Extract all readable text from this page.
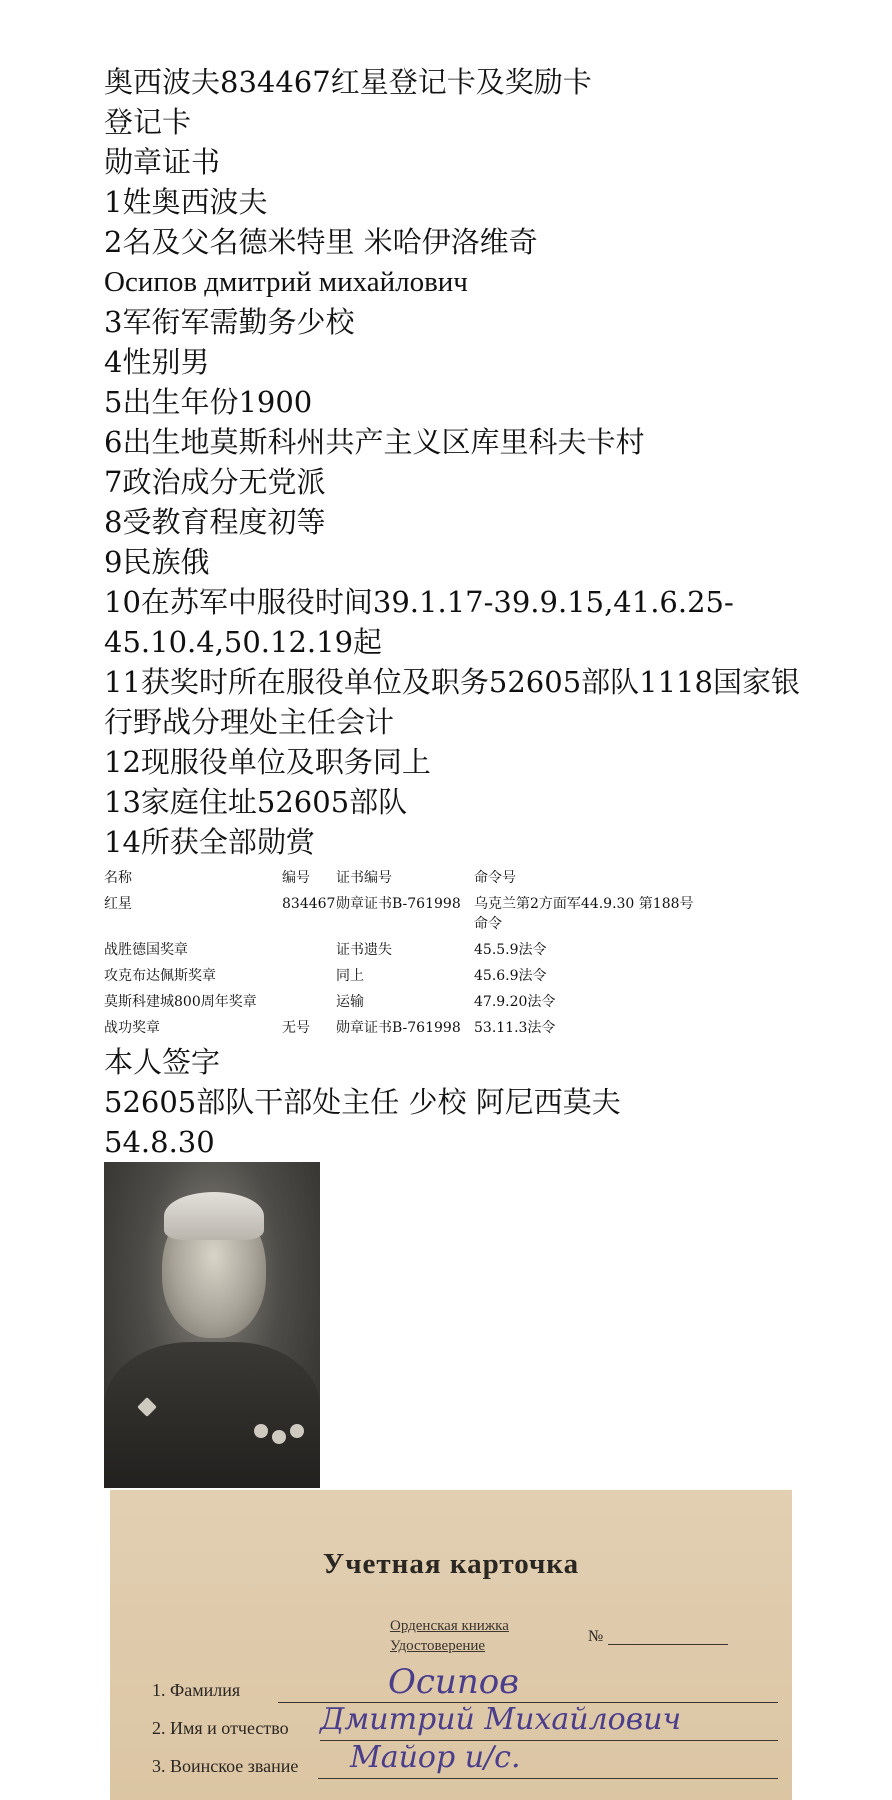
奥西波夫834467红星登记卡及奖励卡
登记卡
勋章证书
1姓奥西波夫
2名及父名德米特里 米哈伊洛维奇
Осипов дмитрий михайлович
3军衔军需勤务少校
4性别男
5出生年份1900
6出生地莫斯科州共产主义区库里科夫卡村
7政治成分无党派
8受教育程度初等
9民族俄
10在苏军中服役时间39.1.17-39.9.15,41.6.25-45.10.4,50.12.19起
11获奖时所在服役单位及职务52605部队1118国家银行野战分理处主任会计
12现服役单位及职务同上
13家庭住址52605部队
14所获全部勋赏
名称	编号	证书编号	命令号
红星	834467	勋章证书B-761998	乌克兰第2方面军44.9.30 第188号命令
战胜德国奖章		证书遗失	45.5.9法令
攻克布达佩斯奖章		同上	45.6.9法令
莫斯科建城800周年奖章		运输	47.9.20法令
战功奖章	无号	勋章证书B-761998	53.11.3法令
本人签字
52605部队干部处主任 少校 阿尼西莫夫
54.8.30
Учетная карточка
Орденская книжка
Удостоверение
№
1. Фамилия	Осипов
2. Имя и отчество Дмитрий Михайлович
3. Воинское звание Майор и/с.
